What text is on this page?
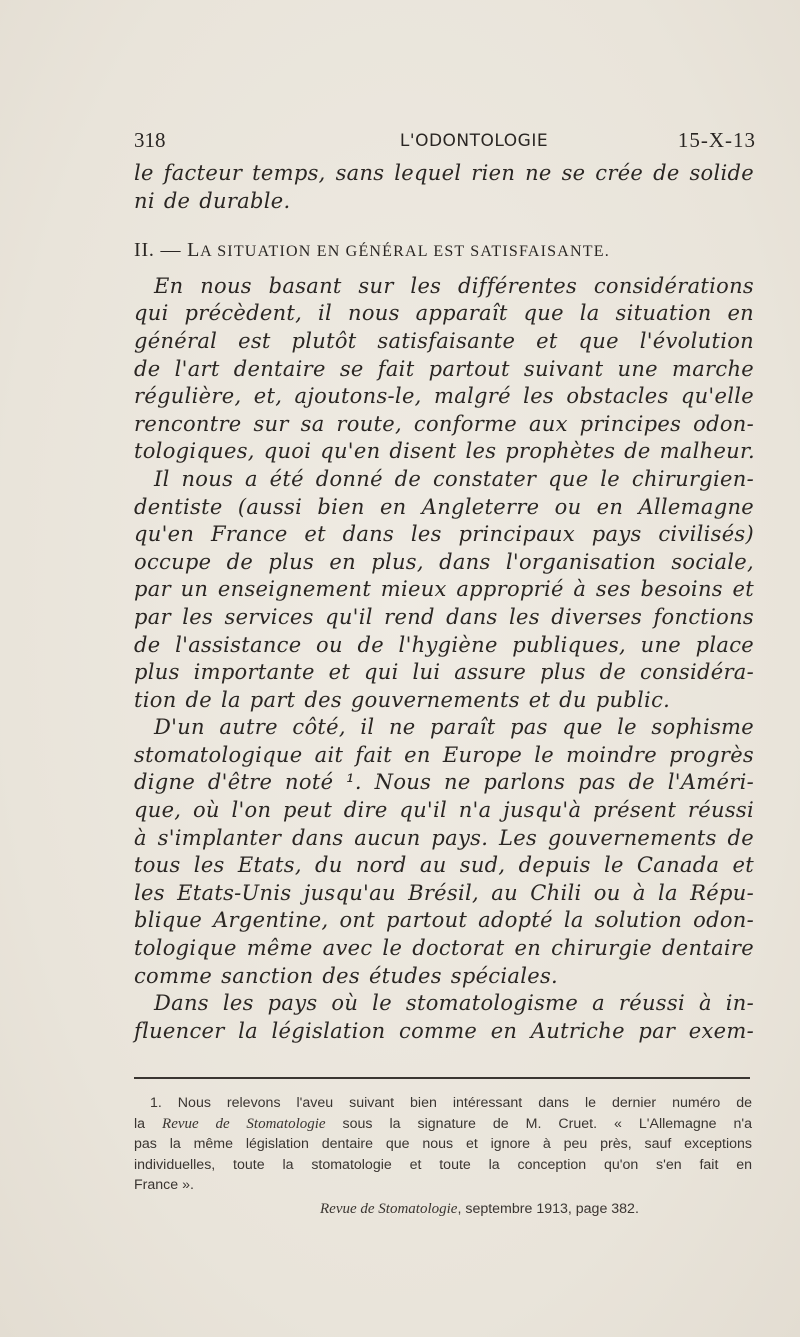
318	L'ODONTOLOGIE	15-X-13
le facteur temps, sans lequel rien ne se crée de solide
ni de durable.
II. — LA SITUATION EN GÉNÉRAL EST SATISFAISANTE.
En nous basant sur les différentes considérations
qui précèdent, il nous apparaît que la situation en
général est plutôt satisfaisante et que l'évolution
de l'art dentaire se fait partout suivant une marche
régulière, et, ajoutons-le, malgré les obstacles qu'elle
rencontre sur sa route, conforme aux principes odon-
tologiques, quoi qu'en disent les prophètes de malheur.
Il nous a été donné de constater que le chirurgien-
dentiste (aussi bien en Angleterre ou en Allemagne
qu'en France et dans les principaux pays civilisés)
occupe de plus en plus, dans l'organisation sociale,
par un enseignement mieux approprié à ses besoins et
par les services qu'il rend dans les diverses fonctions
de l'assistance ou de l'hygiène publiques, une place
plus importante et qui lui assure plus de considéra-
tion de la part des gouvernements et du public.
D'un autre côté, il ne paraît pas que le sophisme
stomatologique ait fait en Europe le moindre progrès
digne d'être noté ¹. Nous ne parlons pas de l'Améri-
que, où l'on peut dire qu'il n'a jusqu'à présent réussi
à s'implanter dans aucun pays. Les gouvernements de
tous les Etats, du nord au sud, depuis le Canada et
les Etats-Unis jusqu'au Brésil, au Chili ou à la Répu-
blique Argentine, ont partout adopté la solution odon-
tologique même avec le doctorat en chirurgie dentaire
comme sanction des études spéciales.
Dans les pays où le stomatologisme a réussi à in-
fluencer la législation comme en Autriche par exem-
1. Nous relevons l'aveu suivant bien intéressant dans le dernier numéro de
la Revue de Stomatologie sous la signature de M. Cruet. « L'Allemagne n'a
pas la même législation dentaire que nous et ignore à peu près, sauf exceptions
individuelles, toute la stomatologie et toute la conception qu'on s'en fait en
France ».
Revue de Stomatologie, septembre 1913, page 382.
